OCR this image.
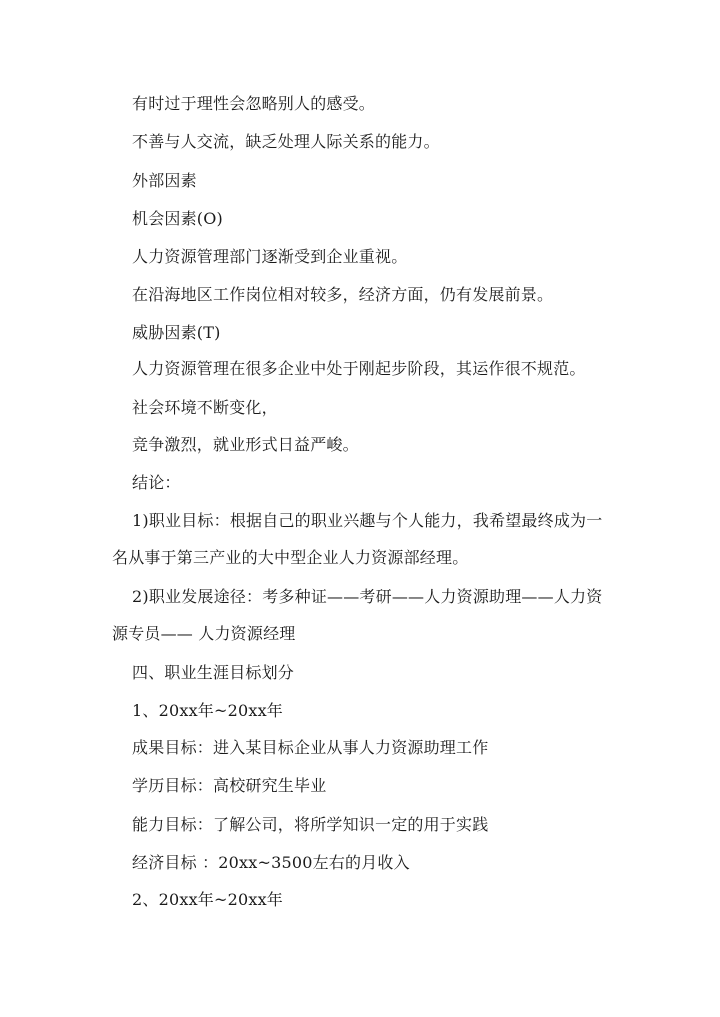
有时过于理性会忽略别人的感受。
不善与人交流，缺乏处理人际关系的能力。
外部因素
机会因素(O)
人力资源管理部门逐渐受到企业重视。
在沿海地区工作岗位相对较多，经济方面，仍有发展前景。
威胁因素(T)
人力资源管理在很多企业中处于刚起步阶段，其运作很不规范。
社会环境不断变化，
竞争激烈，就业形式日益严峻。
结论：
1)职业目标：根据自己的职业兴趣与个人能力，我希望最终成为一
名从事于第三产业的大中型企业人力资源部经理。
2)职业发展途径：考多种证——考研——人力资源助理——人力资
源专员—— 人力资源经理
四、职业生涯目标划分
1、20xx年~20xx年
成果目标：进入某目标企业从事人力资源助理工作
学历目标：高校研究生毕业
能力目标：了解公司，将所学知识一定的用于实践
经济目标 ：20xx~3500左右的月收入
2、20xx年~20xx年
